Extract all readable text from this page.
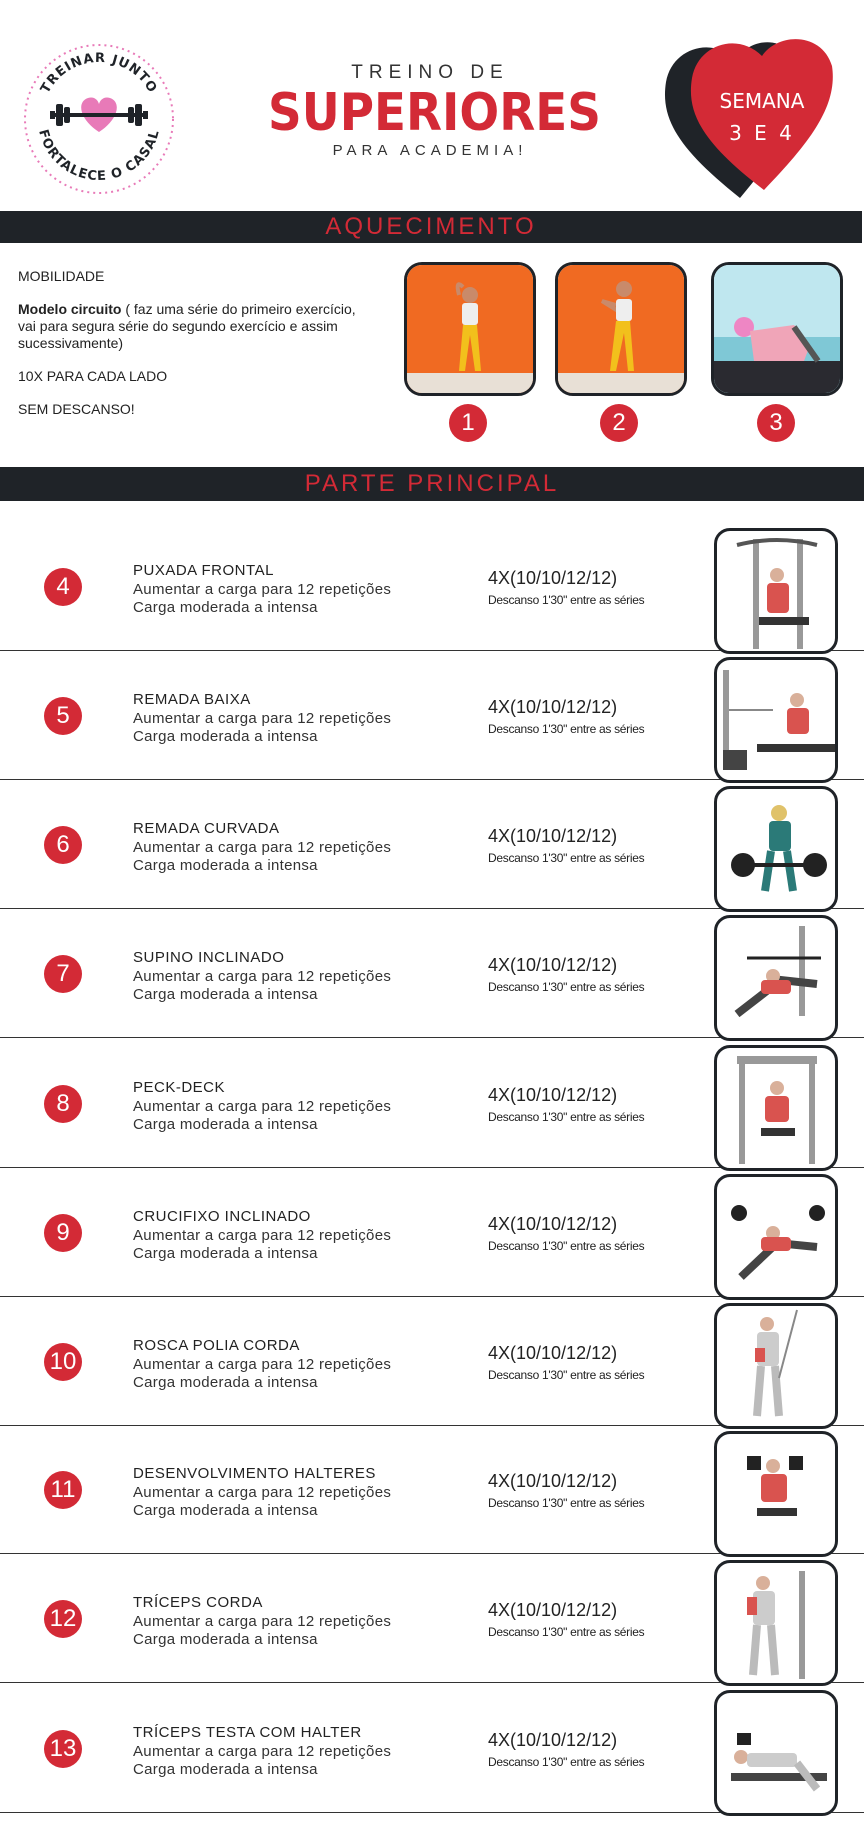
TREINAR JUNTO
FORTALECE O CASAL
TREINO DE
SUPERIORES
PARA ACADEMIA!
SEMANA
3 E 4
AQUECIMENTO

MOBILIDADE

Modelo circuito ( faz uma série do primeiro exercício, vai para segura série do segundo exercício e assim sucessivamente)

10X PARA CADA LADO

SEM DESCANSO!	1	2	3
PARTE PRINCIPAL
4
PUXADA FRONTAL
Aumentar a carga para 12 repetições
Carga moderada a intensa
4X(10/10/12/12)
Descanso 1'30" entre as séries
5
REMADA BAIXA
Aumentar a carga para 12 repetições
Carga moderada a intensa
4X(10/10/12/12)
Descanso 1'30" entre as séries
6
REMADA CURVADA
Aumentar a carga para 12 repetições
Carga moderada a intensa
4X(10/10/12/12)
Descanso 1'30" entre as séries
7
SUPINO INCLINADO
Aumentar a carga para 12 repetições
Carga moderada a intensa
4X(10/10/12/12)
Descanso 1'30" entre as séries
8
PECK-DECK
Aumentar a carga para 12 repetições
Carga moderada a intensa
4X(10/10/12/12)
Descanso 1'30" entre as séries
9
CRUCIFIXO INCLINADO
Aumentar a carga para 12 repetições
Carga moderada a intensa
4X(10/10/12/12)
Descanso 1'30" entre as séries
10
ROSCA POLIA CORDA
Aumentar a carga para 12 repetições
Carga moderada a intensa
4X(10/10/12/12)
Descanso 1'30" entre as séries
11
DESENVOLVIMENTO HALTERES
Aumentar a carga para 12 repetições
Carga moderada a intensa
4X(10/10/12/12)
Descanso 1'30" entre as séries
12
TRÍCEPS CORDA
Aumentar a carga para 12 repetições
Carga moderada a intensa
4X(10/10/12/12)
Descanso 1'30" entre as séries
13
TRÍCEPS TESTA COM HALTER
Aumentar a carga para 12 repetições
Carga moderada a intensa
4X(10/10/12/12)
Descanso 1'30" entre as séries
